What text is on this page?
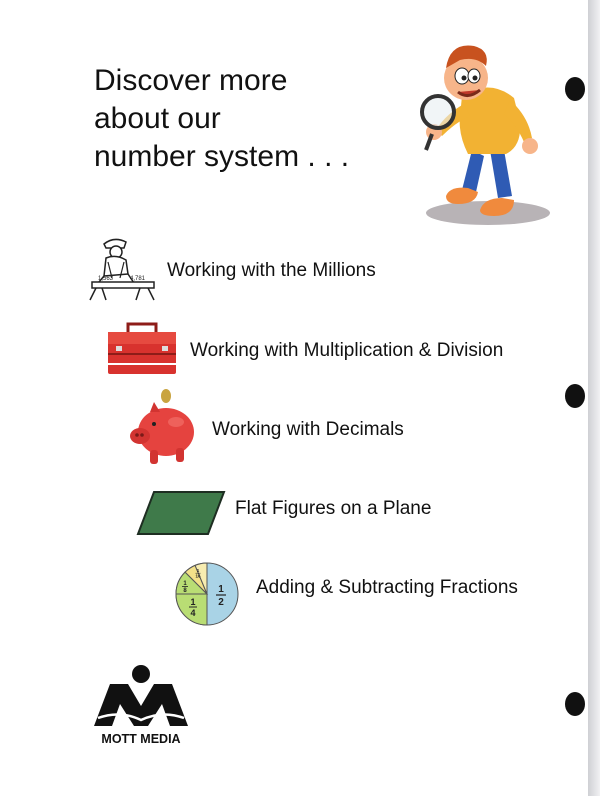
Discover more
about our
number system . . .
1,563	4,781 Working with the Millions
Working with Multiplication & Division
Working with Decimals
Flat Figures on a Plane
1
2
1
4
1
8
1
16
Adding & Subtracting Fractions
MOTT MEDIA
